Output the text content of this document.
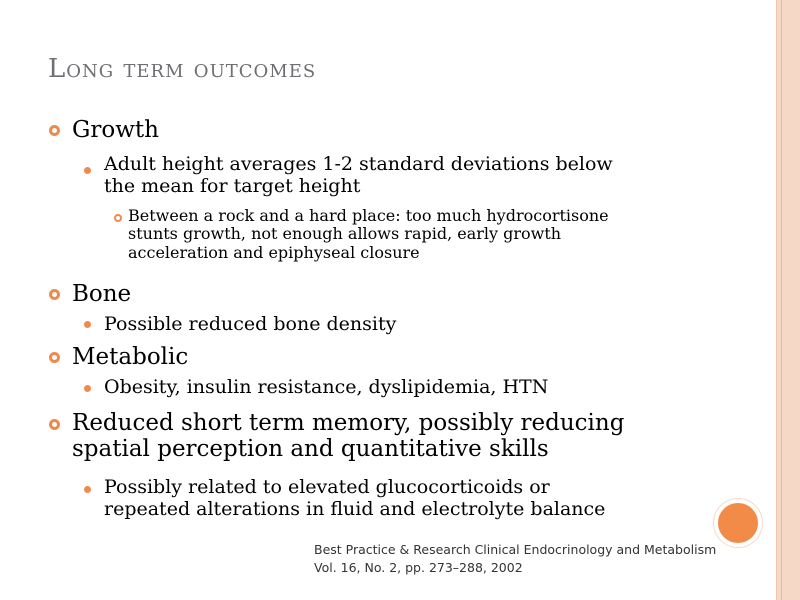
Long term outcomes
Growth
Adult height averages 1-2 standard deviations below
the mean for target height
Between a rock and a hard place: too much hydrocortisone
stunts growth, not enough allows rapid, early growth
acceleration and epiphyseal closure
Bone
Possible reduced bone density
Metabolic
Obesity, insulin resistance, dyslipidemia, HTN
Reduced short term memory, possibly reducing
spatial perception and quantitative skills
Possibly related to elevated glucocorticoids or
repeated alterations in fluid and electrolyte balance
Best Practice & Research Clinical Endocrinology and Metabolism
Vol. 16, No. 2, pp. 273–288, 2002
